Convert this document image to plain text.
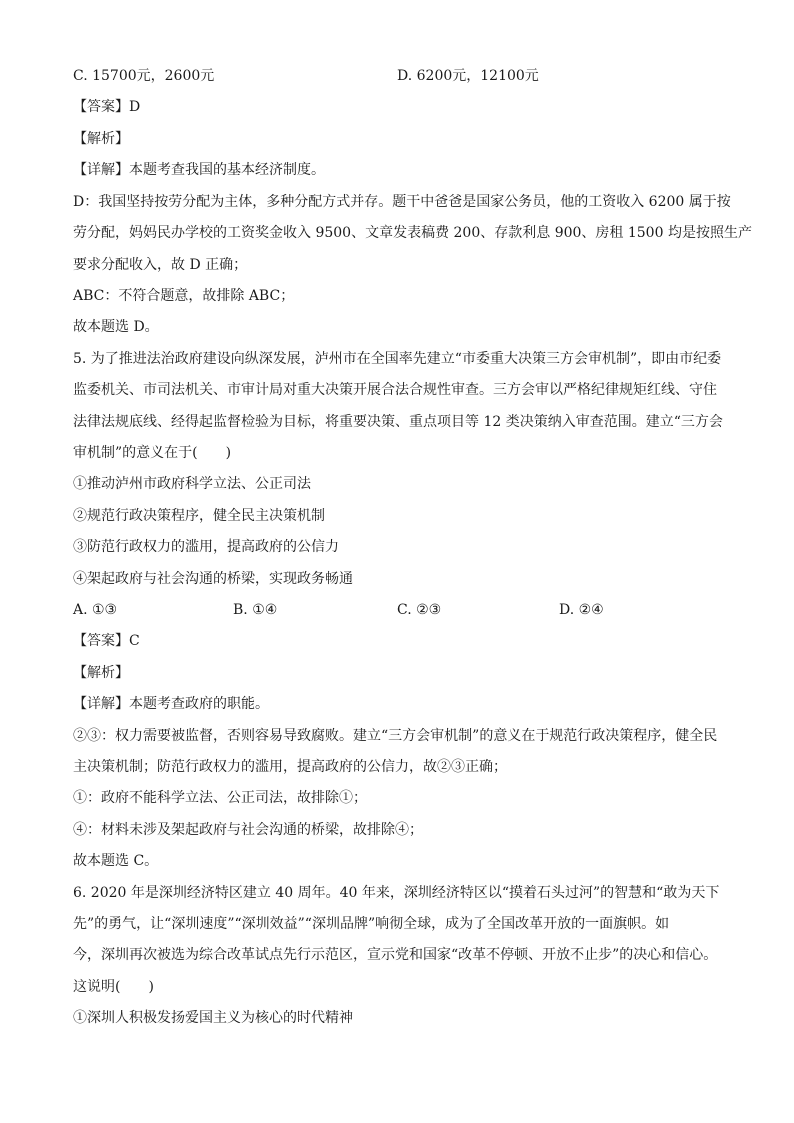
C. 15700元，2600元	D. 6200元，12100元
【答案】D
【解析】
【详解】本题考查我国的基本经济制度。
D：我国坚持按劳分配为主体，多种分配方式并存。题干中爸爸是国家公务员，他的工资收入 6200 属于按
劳分配，妈妈民办学校的工资奖金收入 9500、文章发表稿费 200、存款利息 900、房租 1500 均是按照生产
要求分配收入，故 D 正确；
ABC：不符合题意，故排除 ABC；
故本题选 D。
5. 为了推进法治政府建设向纵深发展，泸州市在全国率先建立“市委重大决策三方会审机制”，即由市纪委
监委机关、市司法机关、市审计局对重大决策开展合法合规性审查。三方会审以严格纪律规矩红线、守住
法律法规底线、经得起监督检验为目标，将重要决策、重点项目等 12 类决策纳入审查范围。建立“三方会
审机制”的意义在于(　　)
①推动泸州市政府科学立法、公正司法
②规范行政决策程序，健全民主决策机制
③防范行政权力的滥用，提高政府的公信力
④架起政府与社会沟通的桥梁，实现政务畅通
A. ①③	B. ①④	C. ②③	D. ②④
【答案】C
【解析】
【详解】本题考查政府的职能。
②③：权力需要被监督，否则容易导致腐败。建立“三方会审机制”的意义在于规范行政决策程序，健全民
主决策机制；防范行政权力的滥用，提高政府的公信力，故②③正确；
①：政府不能科学立法、公正司法，故排除①；
④：材料未涉及架起政府与社会沟通的桥梁，故排除④；
故本题选 C。
6. 2020 年是深圳经济特区建立 40 周年。40 年来，深圳经济特区以“摸着石头过河”的智慧和“敢为天下
先”的勇气，让“深圳速度”“深圳效益”“深圳品牌”响彻全球，成为了全国改革开放的一面旗帜。如
今，深圳再次被选为综合改革试点先行示范区，宣示党和国家“改革不停顿、开放不止步”的决心和信心。
这说明(　　)
①深圳人积极发扬爱国主义为核心的时代精神
